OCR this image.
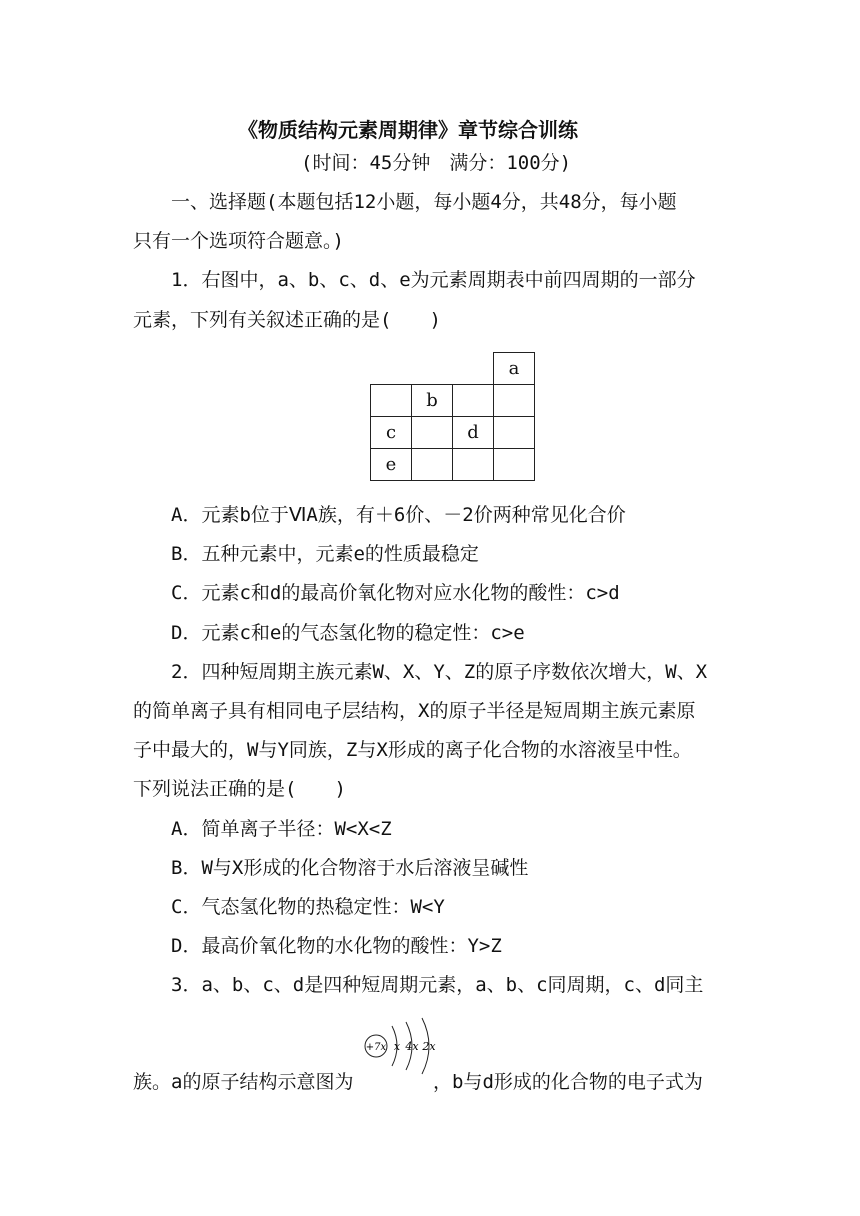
《物质结构元素周期律》章节综合训练
(时间：45分钟　满分：100分)
一、选择题(本题包括12小题，每小题4分，共48分，每小题
只有一个选项符合题意。)
1．右图中，a、b、c、d、e为元素周期表中前四周期的一部分
元素，下列有关叙述正确的是(　　)
			a
	b		
c		d	
e			
A．元素b位于ⅥA族，有＋6价、－2价两种常见化合价
B．五种元素中，元素e的性质最稳定
C．元素c和d的最高价氧化物对应水化物的酸性：c>d
D．元素c和e的气态氢化物的稳定性：c>e
2．四种短周期主族元素W、X、Y、Z的原子序数依次增大，W、X
的简单离子具有相同电子层结构，X的原子半径是短周期主族元素原
子中最大的，W与Y同族，Z与X形成的离子化合物的水溶液呈中性。
下列说法正确的是(　　)
A．简单离子半径：W<X<Z
B．W与X形成的化合物溶于水后溶液呈碱性
C．气态氢化物的热稳定性：W<Y
D．最高价氧化物的水化物的酸性：Y>Z
3．a、b、c、d是四种短周期元素，a、b、c同周期，c、d同主
+7x x 4x 2x
族。a的原子结构示意图为	，b与d形成的化合物的电子式为
